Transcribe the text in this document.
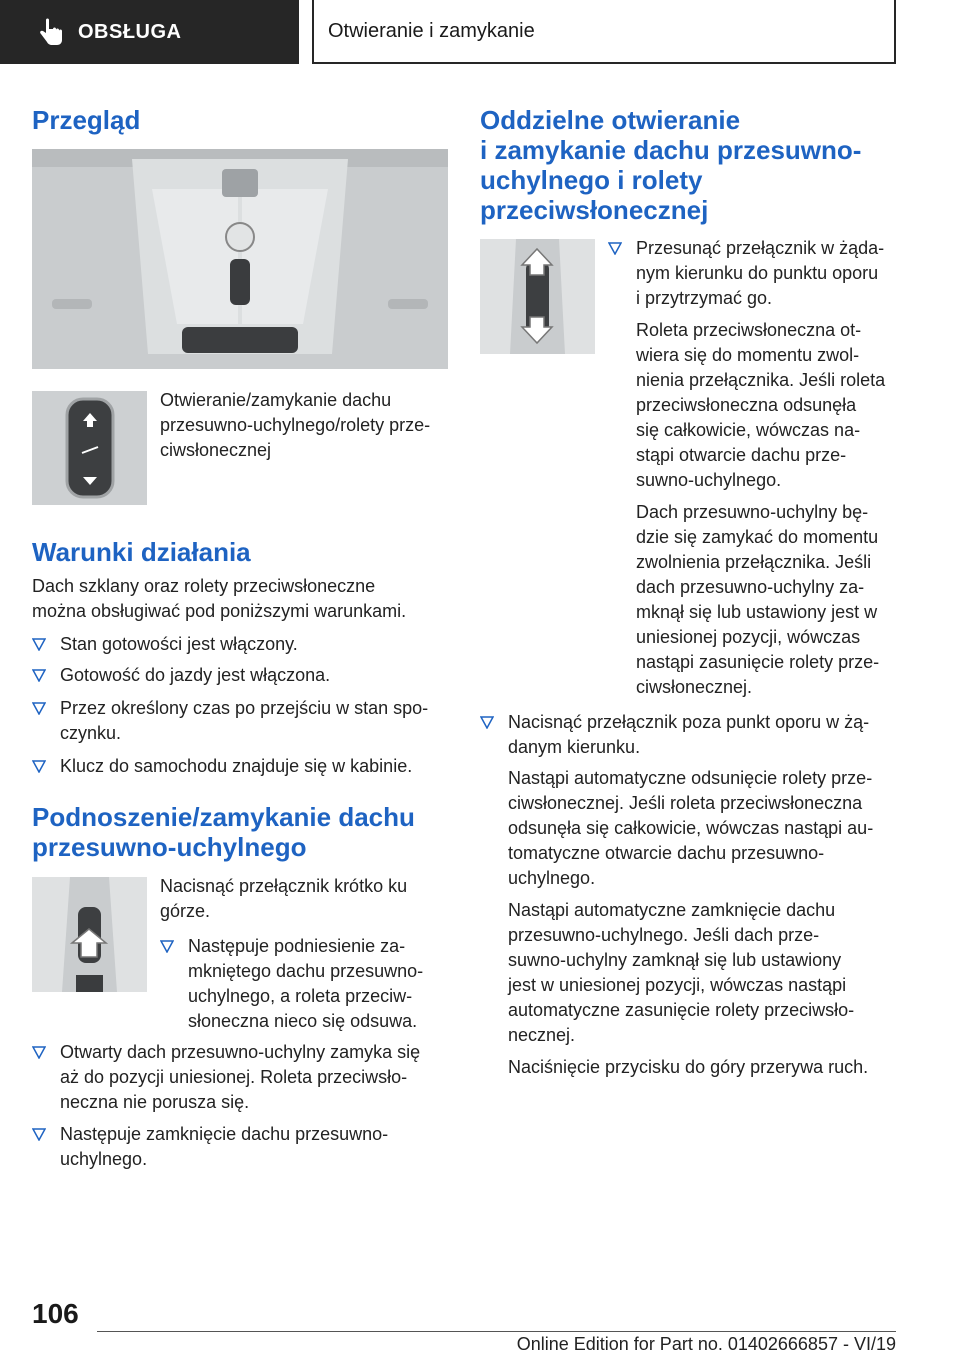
OBSŁUGA	Otwieranie i zamykanie
Przegląd
Otwieranie/zamykanie dachu
przesuwno-uchylnego/rolety prze-
ciwsłonecznej
Warunki działania
Dach szklany oraz rolety przeciwsłoneczne
można obsługiwać pod poniższymi warunkami.
Stan gotowości jest włączony.
Gotowość do jazdy jest włączona.
Przez określony czas po przejściu w stan spo-
czynku.
Klucz do samochodu znajduje się w kabinie.
Podnoszenie/zamykanie dachu
przesuwno-uchylnego
Nacisnąć przełącznik krótko ku
górze.
Następuje podniesienie za-
mkniętego dachu przesuwno-
uchylnego, a roleta przeciw-
słoneczna nieco się odsuwa.
Otwarty dach przesuwno-uchylny zamyka się
aż do pozycji uniesionej. Roleta przeciwsło-
neczna nie porusza się.
Następuje zamknięcie dachu przesuwno-
uchylnego.
Oddzielne otwieranie
i zamykanie dachu przesuwno-
uchylnego i rolety
przeciwsłonecznej
Przesunąć przełącznik w żąda-
nym kierunku do punktu oporu
i przytrzymać go.
Roleta przeciwsłoneczna ot-
wiera się do momentu zwol-
nienia przełącznika. Jeśli roleta
przeciwsłoneczna odsunęła
się całkowicie, wówczas na-
stąpi otwarcie dachu prze-
suwno-uchylnego.
Dach przesuwno-uchylny bę-
dzie się zamykać do momentu
zwolnienia przełącznika. Jeśli
dach przesuwno-uchylny za-
mknął się lub ustawiony jest w
uniesionej pozycji, wówczas
nastąpi zasunięcie rolety prze-
ciwsłonecznej.
Nacisnąć przełącznik poza punkt oporu w żą-
danym kierunku.
Nastąpi automatyczne odsunięcie rolety prze-
ciwsłonecznej. Jeśli roleta przeciwsłoneczna
odsunęła się całkowicie, wówczas nastąpi au-
tomatyczne otwarcie dachu przesuwno-
uchylnego.
Nastąpi automatyczne zamknięcie dachu
przesuwno-uchylnego. Jeśli dach prze-
suwno-uchylny zamknął się lub ustawiony
jest w uniesionej pozycji, wówczas nastąpi
automatyczne zasunięcie rolety przeciwsło-
necznej.
Naciśnięcie przycisku do góry przerywa ruch.
106
Online Edition for Part no. 01402666857 - VI/19
